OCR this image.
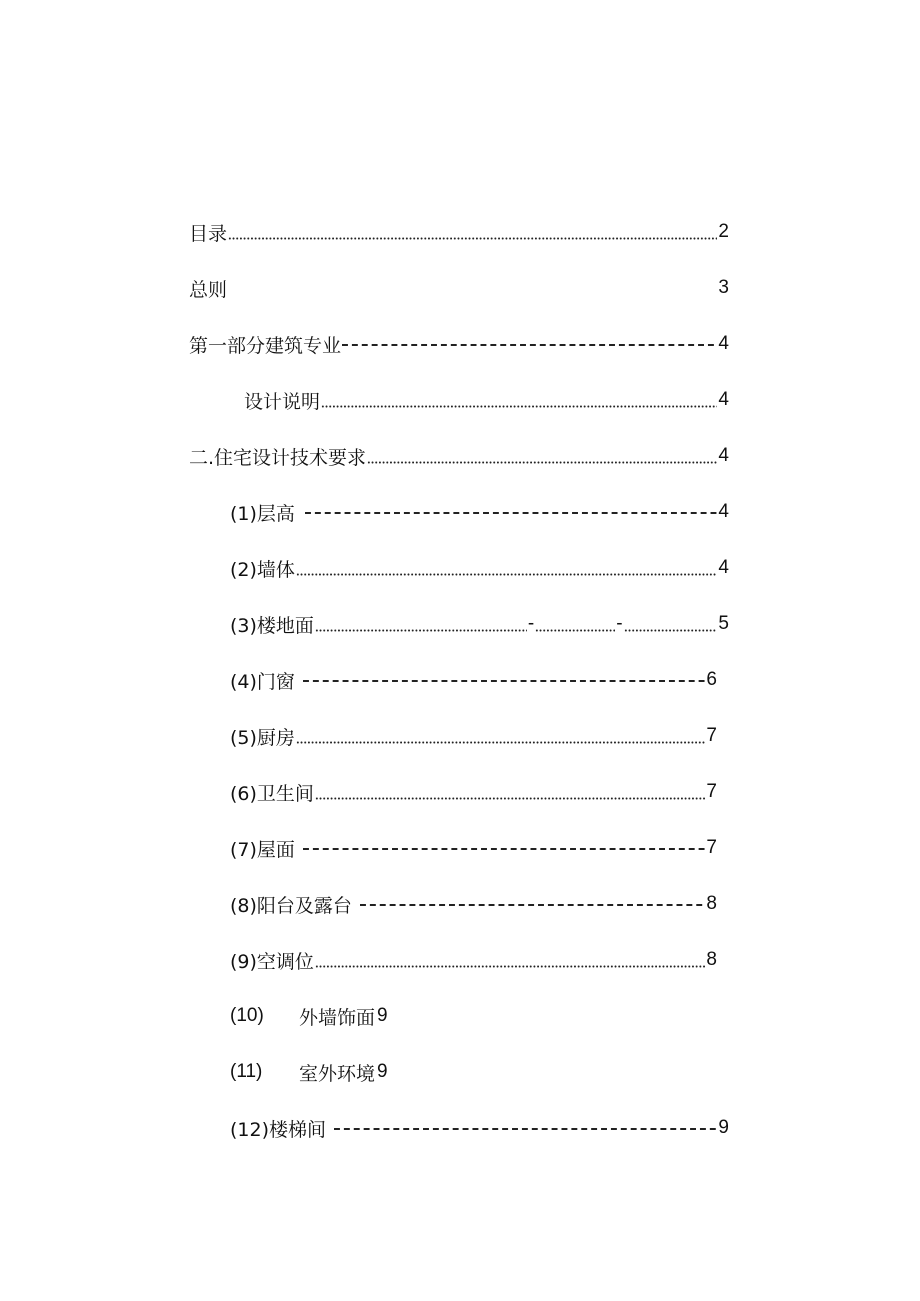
目录	2
总则	3
第一部分建筑专业	4
设计说明	4
二.住宅设计技术要求	4
(1)层高	4
(2)墙体	4
(3)楼地面	-	-	5
(4)门窗	6
(5)厨房	7
(6)卫生间	7
(7)屋面	7
(8)阳台及露台	8
(9)空调位	8
(10)	外墙饰面 9
(11)	室外环境 9
(12)楼梯间	9
